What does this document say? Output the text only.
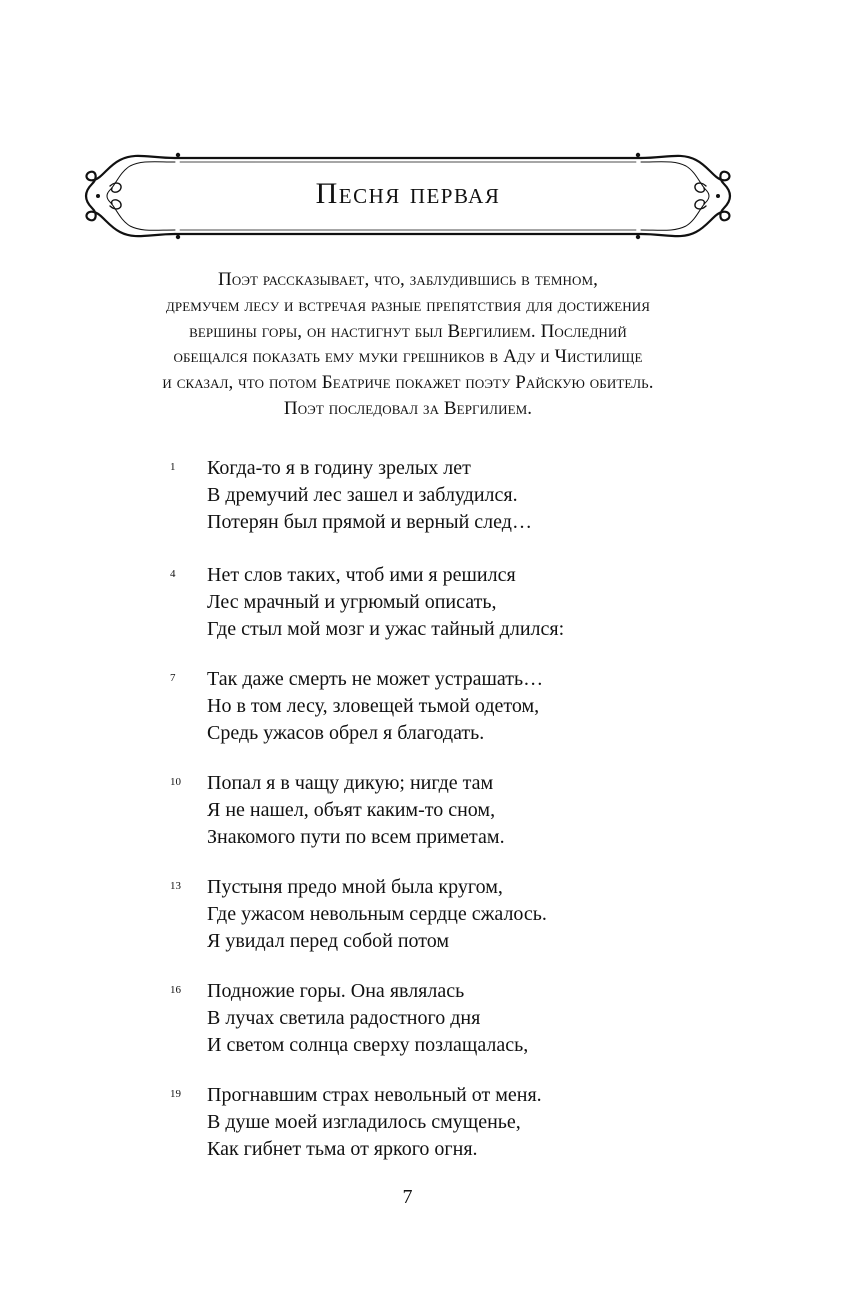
Песня первая
Поэт рассказывает, что, заблудившись в темном,
дремучем лесу и встречая разные препятствия для достижения
вершины горы, он настигнут был Вергилием. Последний
обещался показать ему муки грешников в Аду и Чистилище
и сказал, что потом Беатриче покажет поэту Райскую обитель.
Поэт последовал за Вергилием.
1	Когда-то я в годину зрелых лет
В дремучий лес зашел и заблудился.
Потерян был прямой и верный след…
4	Нет слов таких, чтоб ими я решился
Лес мрачный и угрюмый описать,
Где стыл мой мозг и ужас тайный длился:
7	Так даже смерть не может устрашать…
Но в том лесу, зловещей тьмой одетом,
Средь ужасов обрел я благодать.
10	Попал я в чащу дикую; нигде там
Я не нашел, объят каким-то сном,
Знакомого пути по всем приметам.
13	Пустыня предо мной была кругом,
Где ужасом невольным сердце сжалось.
Я увидал перед собой потом
16	Подножие горы. Она являлась
В лучах светила радостного дня
И светом солнца сверху позлащалась,
19	Прогнавшим страх невольный от меня.
В душе моей изгладилось смущенье,
Как гибнет тьма от яркого огня.
7
